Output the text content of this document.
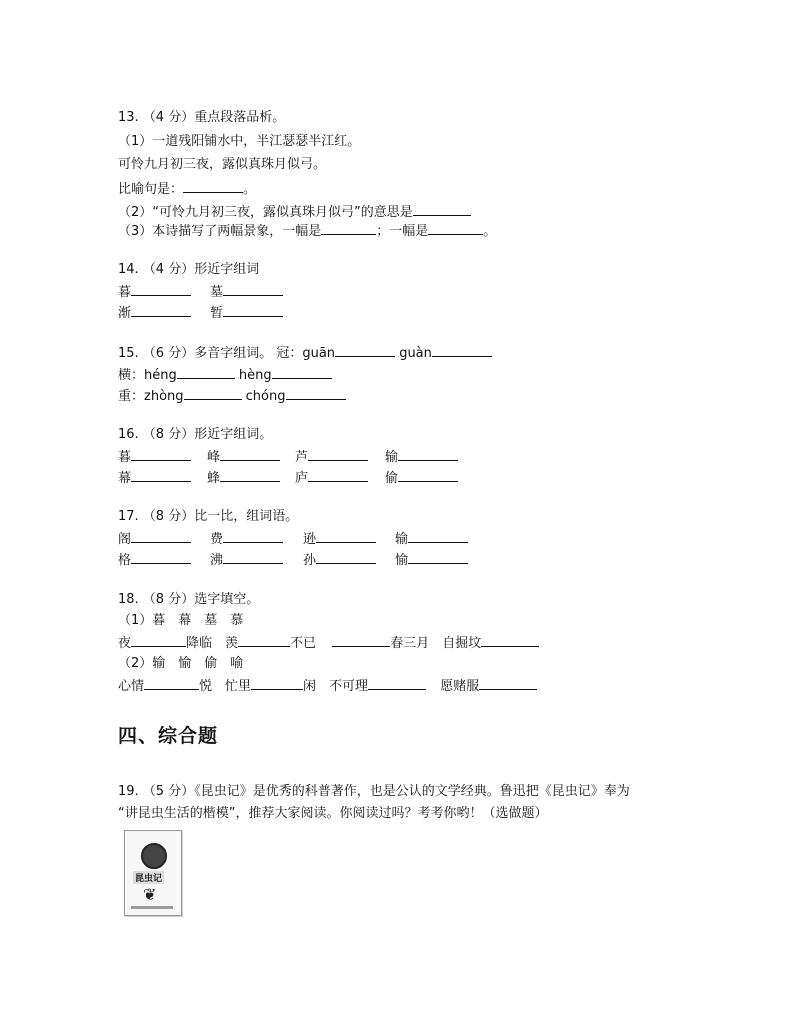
13. （4 分）重点段落品析。
（1）一道残阳铺水中，半江瑟瑟半江红。
可怜九月初三夜，露似真珠月似弓。
比喻句是：	。
（2）“可怜九月初三夜，露似真珠月似弓”的意思是
（3）本诗描写了两幅景象，一幅是	；一幅是	。
14. （4 分）形近字组词
暮	墓
渐	暂
15. （6 分）多音字组词。 冠：guān	guàn
横：héng	hèng
重：zhòng	chóng
16. （8 分）形近字组词。
暮	峰	芦	输
幕	蜂	庐	偷
17. （8 分）比一比，组词语。
阁	费	逊	输
格	沸	孙	愉
18. （8 分）选字填空。
（1）暮　幕　墓　慕
夜	降临　羡	不已	春三月　自掘坟
（2）输　愉　偷　喻
心情	悦　忙里	闲　不可理	愿赌服
四、综合题
19. （5 分）《昆虫记》是优秀的科普著作，也是公认的文学经典。鲁迅把《昆虫记》奉为
“讲昆虫生活的楷模”，推荐大家阅读。你阅读过吗？考考你哟！（选做题）
昆虫记
❦
